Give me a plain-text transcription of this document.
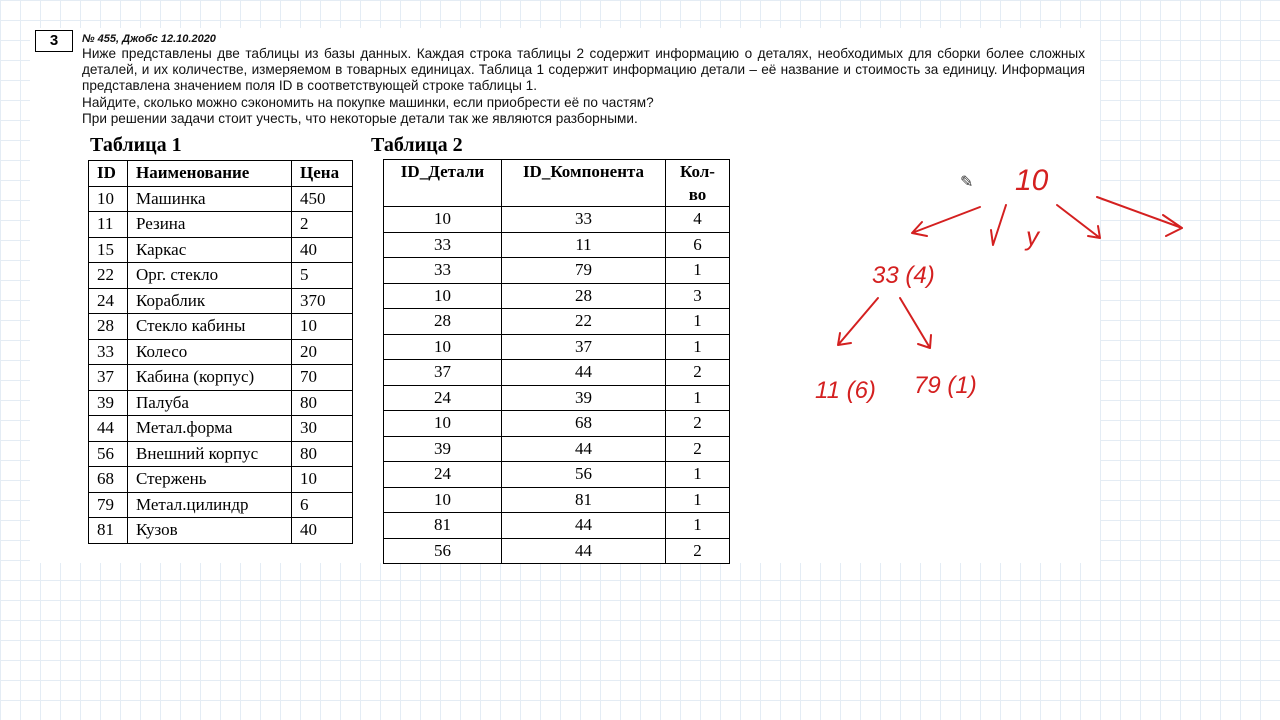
3	№ 455, Джобс 12.10.2020

Ниже представлены две таблицы из базы данных. Каждая строка таблицы 2 содержит информацию о деталях, необходимых для сборки более сложных деталей, и их количестве, измеряемом в товарных единицах. Таблица 1 содержит информацию детали – её название и стоимость за единицу. Информация представлена значением поля ID в соответствующей строке таблицы 1.

Найдите, сколько можно сэкономить на покупке машинки, если приобрести её по частям?

При решении задачи стоит учесть, что некоторые детали так же являются разборными.

Таблица 1	Таблица 2
ID	Наименование	Цена
10	Машинка	450
11	Резина	2
15	Каркас	40
22	Орг. стекло	5
24	Кораблик	370
28	Стекло кабины	10
33	Колесо	20
37	Кабина (корпус)	70
39	Палуба	80
44	Метал.форма	30
56	Внешний корпус	80
68	Стержень	10
79	Метал.цилиндр	6
81	Кузов	40
ID_Детали	ID_Компонента	Кол-
во
10	33	4
33	11	6
33	79	1
10	28	3
28	22	1
10	37	1
37	44	2
24	39	1
10	68	2
39	44	2
24	56	1
10	81	1
81	44	1
56	44	2
✎ 10
y
33 (4)
11 (6) 79 (1)
